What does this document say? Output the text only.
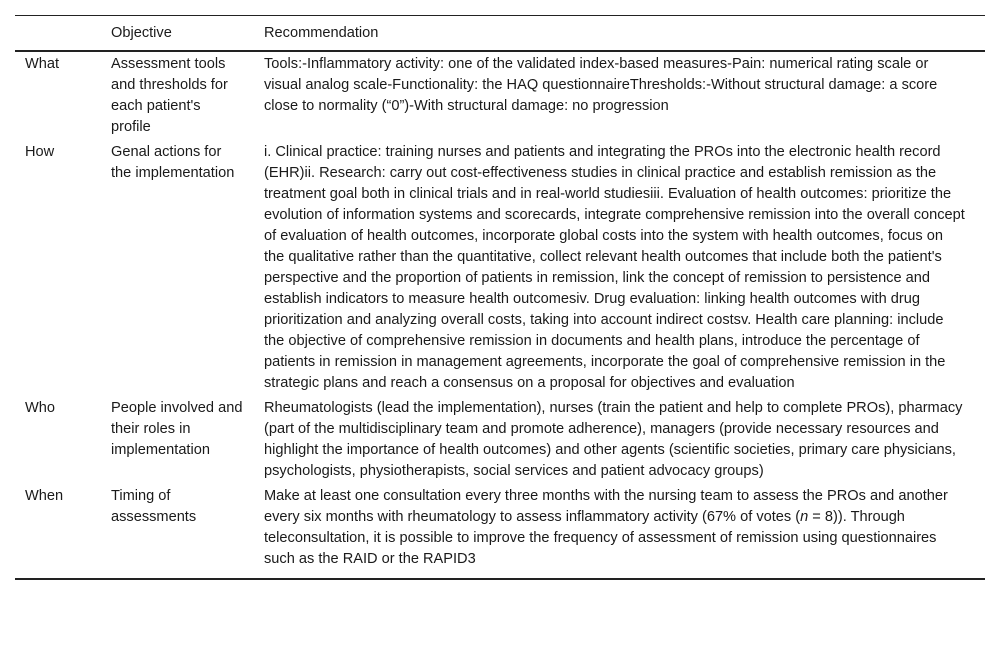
	Objective	Recommendation
What	Assessment tools and thresholds for each patient's profile	Tools:-Inflammatory activity: one of the validated index-based measures-Pain: numerical rating scale or visual analog scale-Functionality: the HAQ questionnaireThresholds:-Without structural damage: a score close to normality (“0”)-With structural damage: no progression
How	Genal actions for the implementation	i. Clinical practice: training nurses and patients and integrating the PROs into the electronic health record (EHR)ii. Research: carry out cost-effectiveness studies in clinical practice and establish remission as the treatment goal both in clinical trials and in real-world studiesiii. Evaluation of health outcomes: prioritize the evolution of information systems and scorecards, integrate comprehensive remission into the overall concept of evaluation of health outcomes, incorporate global costs into the system with health outcomes, focus on the qualitative rather than the quantitative, collect relevant health outcomes that include both the patient's perspective and the proportion of patients in remission, link the concept of remission to persistence and establish indicators to measure health outcomesiv. Drug evaluation: linking health outcomes with drug prioritization and analyzing overall costs, taking into account indirect costsv. Health care planning: include the objective of comprehensive remission in documents and health plans, introduce the percentage of patients in remission in management agreements, incorporate the goal of comprehensive remission in the strategic plans and reach a consensus on a proposal for objectives and evaluation
Who	People involved and their roles in implementation	Rheumatologists (lead the implementation), nurses (train the patient and help to complete PROs), pharmacy (part of the multidisciplinary team and promote adherence), managers (provide necessary resources and highlight the importance of health outcomes) and other agents (scientific societies, primary care physicians, psychologists, physiotherapists, social services and patient advocacy groups)
When	Timing of assessments	Make at least one consultation every three months with the nursing team to assess the PROs and another every six months with rheumatology to assess inflammatory activity (67% of votes (n = 8)). Through teleconsultation, it is possible to improve the frequency of assessment of remission using questionnaires such as the RAID or the RAPID3
